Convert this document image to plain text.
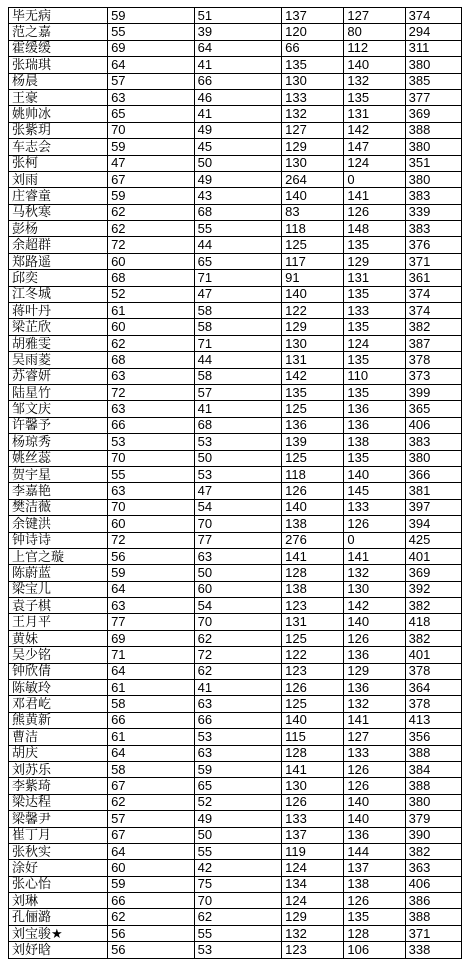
毕无病	59	51	137	127	374
范之嘉	55	39	120	80	294
霍缓缓	69	64	66	112	311
张瑞琪	64	41	135	140	380
杨晨	57	66	130	132	385
王豪	63	46	133	135	377
姚帅冰	65	41	132	131	369
张紫玥	70	49	127	142	388
车志会	59	45	129	147	380
张柯	47	50	130	124	351
刘雨	67	49	264	0	380
庄睿童	59	43	140	141	383
马秋寒	62	68	83	126	339
彭杨	62	55	118	148	383
余超群	72	44	125	135	376
郑路遥	60	65	117	129	371
邱奕	68	71	91	131	361
江冬城	52	47	140	135	374
蒋叶丹	61	58	122	133	374
梁芷欣	60	58	129	135	382
胡雅雯	62	71	130	124	387
吴雨菱	68	44	131	135	378
苏睿妍	63	58	142	110	373
陆星竹	72	57	135	135	399
邹文庆	63	41	125	136	365
许馨予	66	68	136	136	406
杨琼秀	53	53	139	138	383
姚丝蕊	70	50	125	135	380
贺宇星	55	53	118	140	366
李嘉艳	63	47	126	145	381
樊洁薇	70	54	140	133	397
余键洪	60	70	138	126	394
钟诗诗	72	77	276	0	425
上官之璇	56	63	141	141	401
陈蔚蓝	59	50	128	132	369
梁宝儿	64	60	138	130	392
袁子棋	63	54	123	142	382
王月平	77	70	131	140	418
黄妹	69	62	125	126	382
吴少铭	71	72	122	136	401
钟欣倩	64	62	123	129	378
陈敏玲	61	41	126	136	364
邓君屹	58	63	125	132	378
熊黄新	66	66	140	141	413
曹洁	61	53	115	127	356
胡庆	64	63	128	133	388
刘苏乐	58	59	141	126	384
李紫琦	67	65	130	126	388
梁达程	62	52	126	140	380
梁馨尹	57	49	133	140	379
崔丁月	67	50	137	136	390
张秋实	64	55	119	144	382
涂好	60	42	124	137	363
张心怡	59	75	134	138	406
刘琳	66	70	124	126	386
孔俪潞	62	62	129	135	388
刘宝骏★	56	55	132	128	371
刘妤晗	56	53	123	106	338
